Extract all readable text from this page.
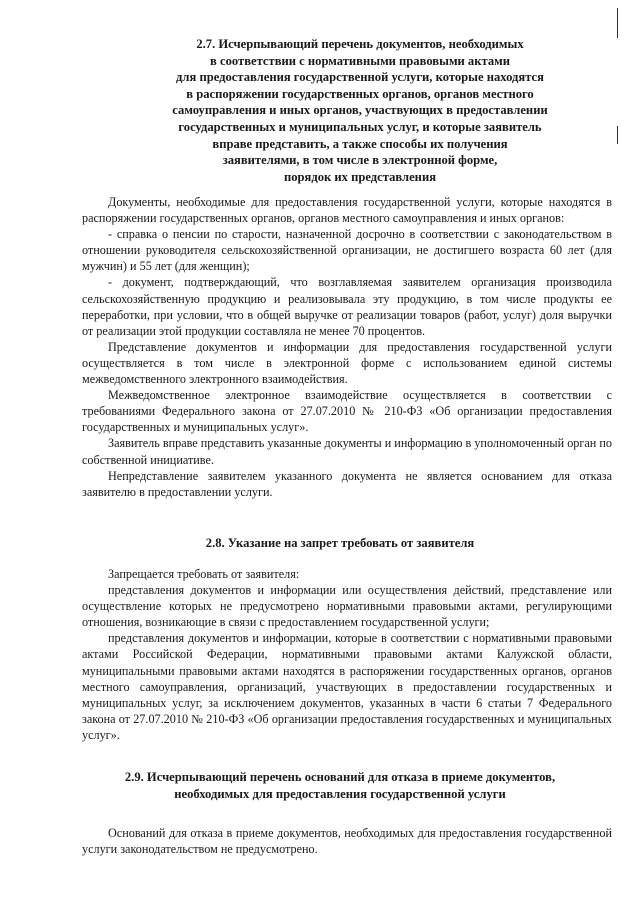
2.7. Исчерпывающий перечень документов, необходимых
в соответствии с нормативными правовыми актами
для предоставления государственной услуги, которые находятся
в распоряжении государственных органов, органов местного
самоуправления и иных органов, участвующих в предоставлении
государственных и муниципальных услуг, и которые заявитель
вправе представить, а также способы их получения
заявителями, в том числе в электронной форме,
порядок их представления

Документы, необходимые для предоставления государственной услуги, которые находятся в распоряжении государственных органов, органов местного самоуправления и иных органов:

- справка о пенсии по старости, назначенной досрочно в соответствии с законодательством в отношении руководителя сельскохозяйственной организации, не достигшего возраста 60 лет (для мужчин) и 55 лет (для женщин);

- документ, подтверждающий, что возглавляемая заявителем организация производила сельскохозяйственную продукцию и реализовывала эту продукцию, в том числе продукты ее переработки, при условии, что в общей выручке от реализации товаров (работ, услуг) доля выручки от реализации этой продукции составляла не менее 70 процентов.

Представление документов и информации для предоставления государственной услуги осуществляется в том числе в электронной форме с использованием единой системы межведомственного электронного взаимодействия.

Межведомственное электронное взаимодействие осуществляется в соответствии с требованиями Федерального закона от 27.07.2010 № 210-ФЗ «Об организации предоставления государственных и муниципальных услуг».

Заявитель вправе представить указанные документы и информацию в уполномоченный орган по собственной инициативе.

Непредставление заявителем указанного документа не является основанием для отказа заявителю в предоставлении услуги.

2.8. Указание на запрет требовать от заявителя

Запрещается требовать от заявителя:

представления документов и информации или осуществления действий, представление или осуществление которых не предусмотрено нормативными правовыми актами, регулирующими отношения, возникающие в связи с предоставлением государственной услуги;

представления документов и информации, которые в соответствии с нормативными правовыми актами Российской Федерации, нормативными правовыми актами Калужской области, муниципальными правовыми актами находятся в распоряжении государственных органов, органов местного самоуправления, организаций, участвующих в предоставлении государственных и муниципальных услуг, за исключением документов, указанных в части 6 статьи 7 Федерального закона от 27.07.2010 № 210-ФЗ «Об организации предоставления государственных и муниципальных услуг».

2.9. Исчерпывающий перечень оснований для отказа в приеме документов,
необходимых для предоставления государственной услуги

Оснований для отказа в приеме документов, необходимых для предоставления государственной услуги законодательством не предусмотрено.
